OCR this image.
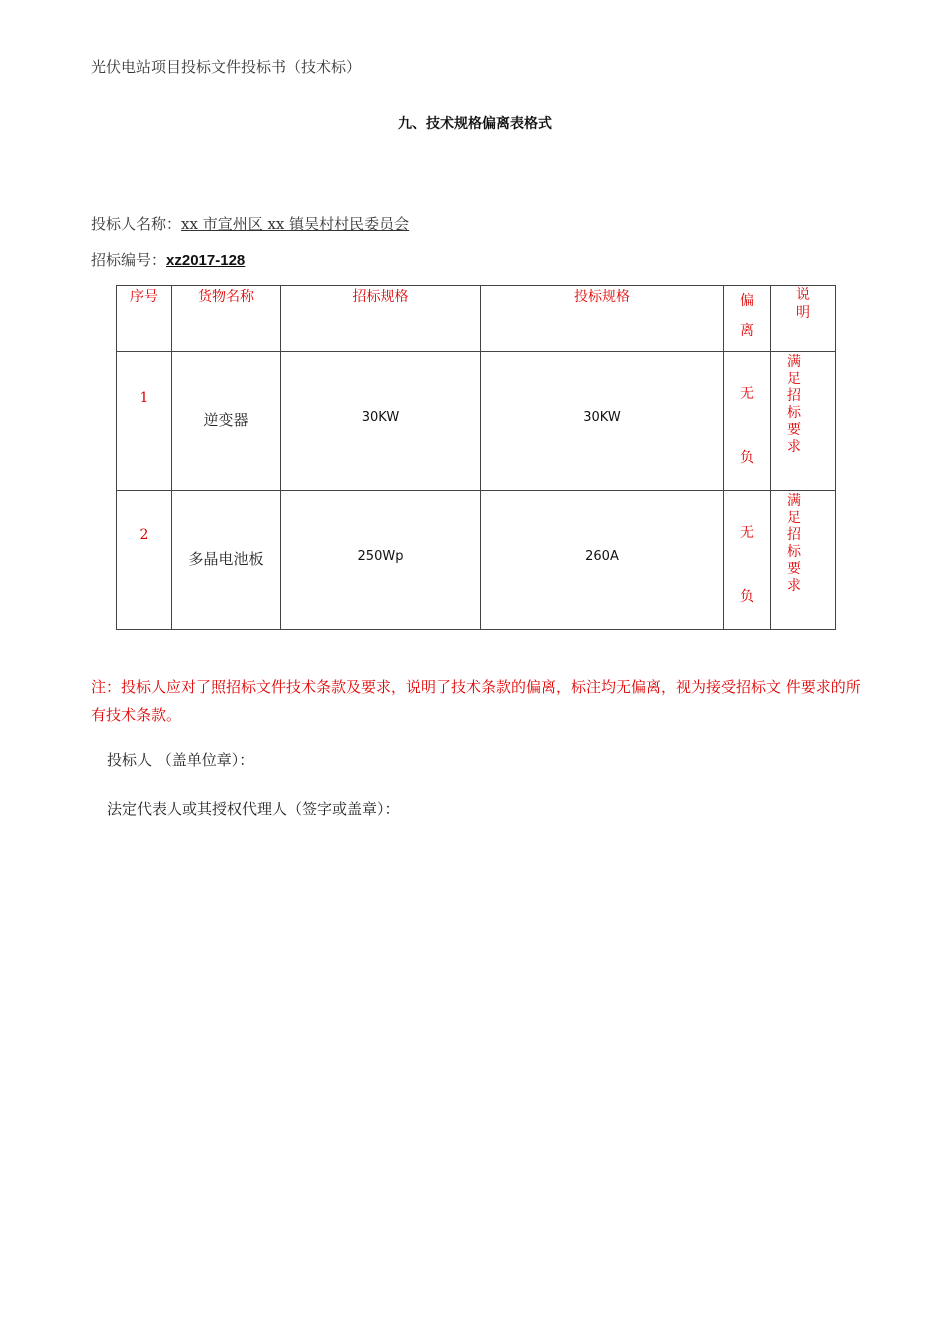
光伏电站项目投标文件投标书（技术标）
九、技术规格偏离表格式
投标人名称：xx 市宣州区 xx 镇吴村村民委员会
招标编号：xz2017-128
序号	货物名称	招标规格	投标规格	偏离	说明

1	逆变器	30KW	30KW	无负	满足招标要求

2	多晶电池板	250Wp	260A	无负	满足招标要求
注：投标人应对了照招标文件技术条款及要求，说明了技术条款的偏离，标注均无偏离，视为接受招标文 件要求的所有技术条款。
投标人 （盖单位章）：
法定代表人或其授权代理人（签字或盖章）：
